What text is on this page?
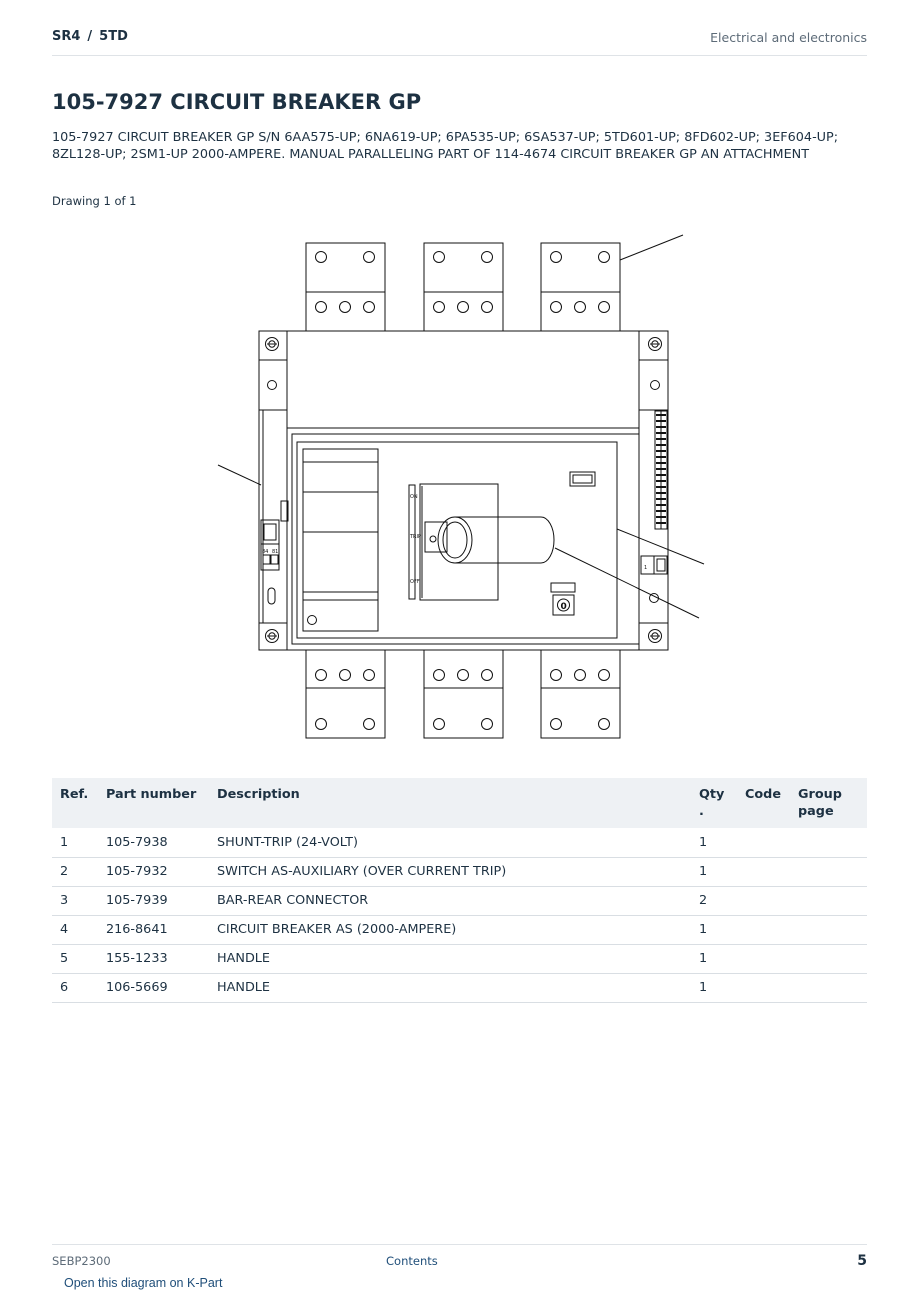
SR4 / 5TD	Electrical and electronics
105-7927 CIRCUIT BREAKER GP

105-7927 CIRCUIT BREAKER GP S/N 6AA575-UP; 6NA619-UP; 6PA535-UP; 6SA537-UP; 5TD601-UP; 8FD602-UP; 3EF604-UP; 8ZL128-UP; 2SM1-UP 2000-AMPERE. MANUAL PARALLELING PART OF 114-4674 CIRCUIT BREAKER GP AN ATTACHMENT

Drawing 1 of 1
ON
TRIP
OFF
84 81
1
0
Ref.	Part number	Description	Qty .	Code	Group page
1	105-7938	SHUNT-TRIP (24-VOLT)	1		
2	105-7932	SWITCH AS-AUXILIARY (OVER CURRENT TRIP)	1		
3	105-7939	BAR-REAR CONNECTOR	2		
4	216-8641	CIRCUIT BREAKER AS (2000-AMPERE)	1		
5	155-1233	HANDLE	1		
6	106-5669	HANDLE	1		
SEBP2300	Contents	5
Open this diagram on K-Part
